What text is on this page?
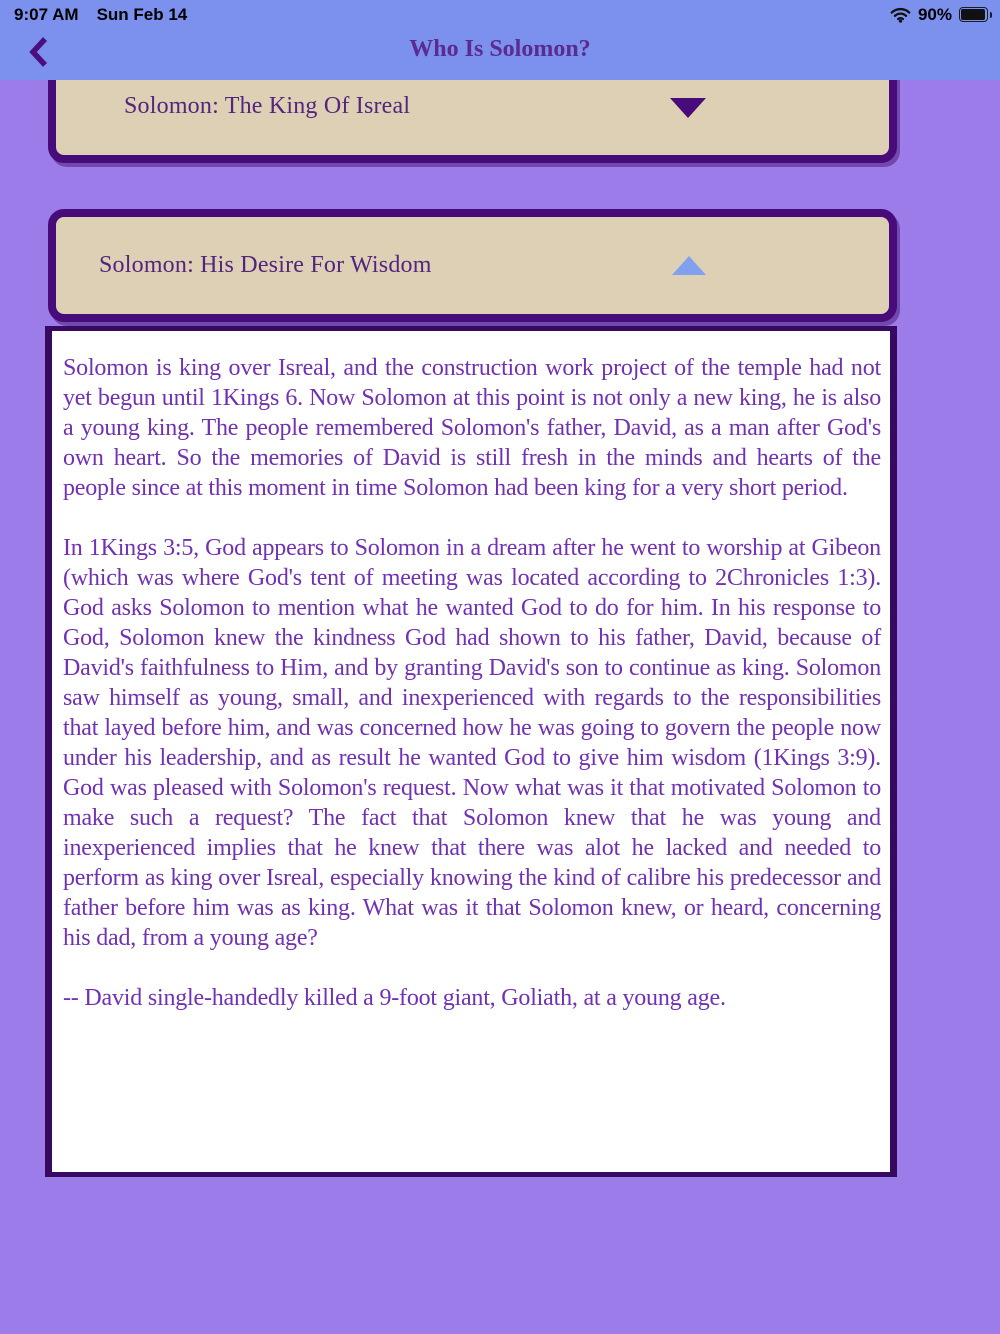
Solomon: The King Of Isreal
Solomon: His Desire For Wisdom

Solomon is king over Isreal, and the construction work project of the temple had not yet begun until 1Kings 6. Now Solomon at this point is not only a new king, he is also a young king. The people remembered Solomon's father, David, as a man after God's own heart. So the memories of David is still fresh in the minds and hearts of the people since at this moment in time Solomon had been king for a very short period.

In 1Kings 3:5, God appears to Solomon in a dream after he went to worship at Gibeon (which was where God's tent of meeting was located according to 2Chronicles 1:3). God asks Solomon to mention what he wanted God to do for him. In his response to God, Solomon knew the kindness God had shown to his father, David, because of David's faithfulness to Him, and by granting David's son to continue as king. Solomon saw himself as young, small, and inexperienced with regards to the responsibilities that layed before him, and was concerned how he was going to govern the people now under his leadership, and as result he wanted God to give him wisdom (1Kings 3:9). God was pleased with Solomon's request. Now what was it that motivated Solomon to make such a request? The fact that Solomon knew that he was young and inexperienced implies that he knew that there was alot he lacked and needed to perform as king over Isreal, especially knowing the kind of calibre his predecessor and father before him was as king. What was it that Solomon knew, or heard, concerning his dad, from a young age?

-- David single-handedly killed a 9-foot giant, Goliath, at a young age.

9:07 AM Sun Feb 14	90%
Who Is Solomon?
